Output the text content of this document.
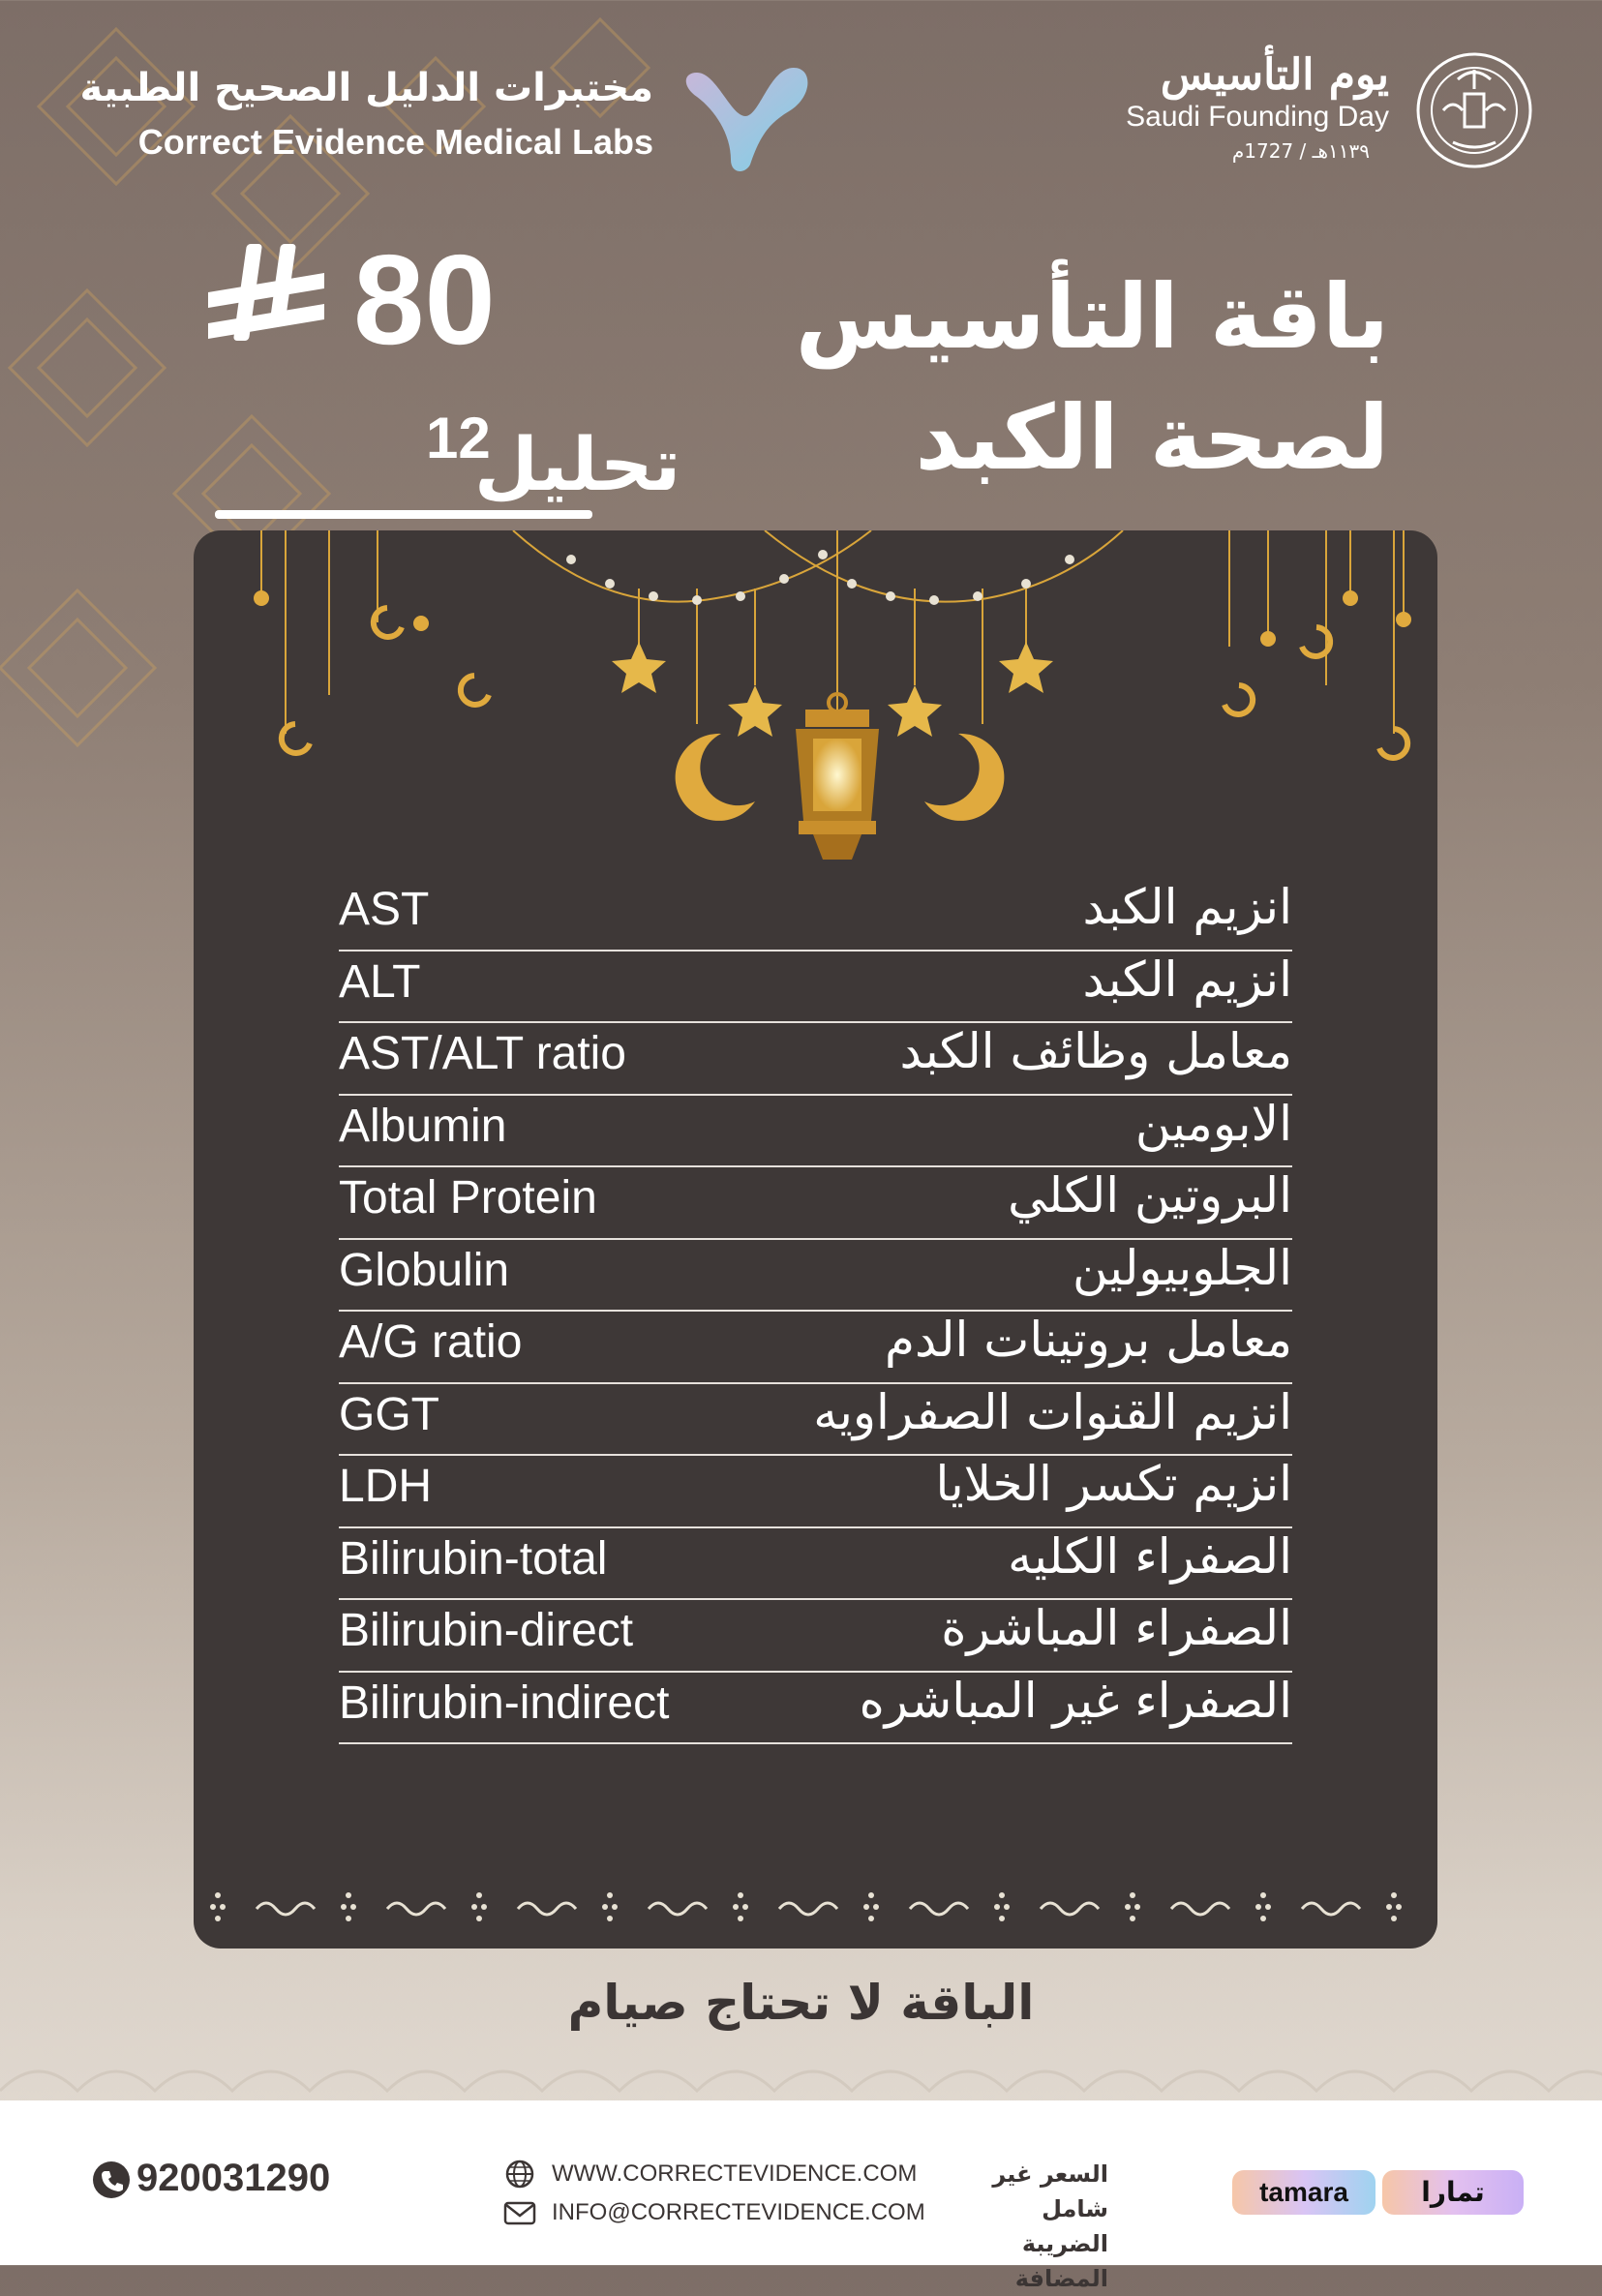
مختبرات الدليل الصحيح الطبية
Correct Evidence Medical Labs
يوم التأسيس
Saudi Founding Day
١١٣٩هـ / 1727م
باقة التأسيس
لصحة الكبد
80
12
تحليل
AST	انزيم الكبد
ALT	انزيم الكبد
AST/ALT ratio	معامل وظائف الكبد
Albumin	الابومين
Total Protein	البروتين الكلي
Globulin	الجلوبيولين
A/G ratio	معامل بروتينات الدم
GGT	انزيم القنوات الصفراويه
LDH	انزيم تكسر الخلايا
Bilirubin-total	الصفراء الكليه
Bilirubin-direct	الصفراء المباشرة
Bilirubin-indirect	الصفراء غير المباشره
الباقة لا تحتاج صيام
920031290	WWW.CORRECTEVIDENCE.COM
INFO@CORRECTEVIDENCE.COM
السعر غير شامل
الضريبة المضافة
tamara	تمارا
